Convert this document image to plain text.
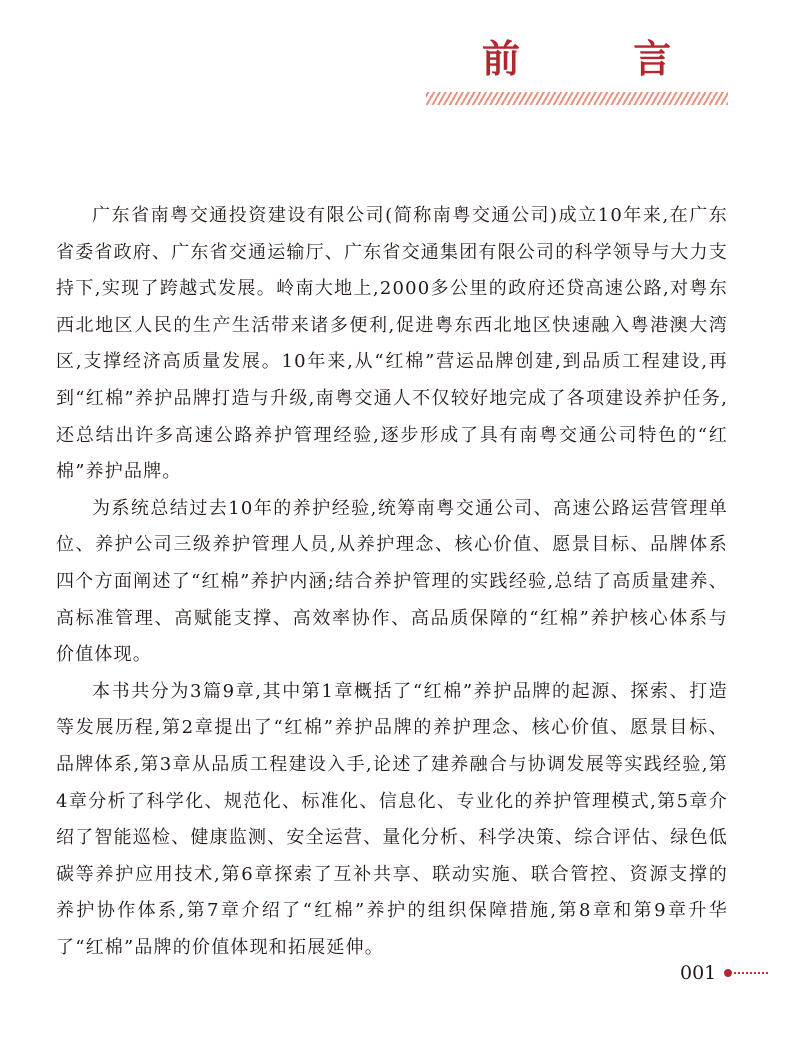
前 言

广东省南粤交通投资建设有限公司(简称南粤交通公司)成立10年来,在广东省委省政府、广东省交通运输厅、广东省交通集团有限公司的科学领导与大力支持下,实现了跨越式发展。岭南大地上,2000多公里的政府还贷高速公路,对粤东西北地区人民的生产生活带来诸多便利,促进粤东西北地区快速融入粤港澳大湾区,支撑经济高质量发展。10年来,从“红棉”营运品牌创建,到品质工程建设,再到“红棉”养护品牌打造与升级,南粤交通人不仅较好地完成了各项建设养护任务,还总结出许多高速公路养护管理经验,逐步形成了具有南粤交通公司特色的“红棉”养护品牌。

为系统总结过去10年的养护经验,统筹南粤交通公司、高速公路运营管理单位、养护公司三级养护管理人员,从养护理念、核心价值、愿景目标、品牌体系四个方面阐述了“红棉”养护内涵;结合养护管理的实践经验,总结了高质量建养、高标准管理、高赋能支撑、高效率协作、高品质保障的“红棉”养护核心体系与价值体现。

本书共分为3篇9章,其中第1章概括了“红棉”养护品牌的起源、探索、打造等发展历程,第2章提出了“红棉”养护品牌的养护理念、核心价值、愿景目标、品牌体系,第3章从品质工程建设入手,论述了建养融合与协调发展等实践经验,第4章分析了科学化、规范化、标准化、信息化、专业化的养护管理模式,第5章介绍了智能巡检、健康监测、安全运营、量化分析、科学决策、综合评估、绿色低碳等养护应用技术,第6章探索了互补共享、联动实施、联合管控、资源支撑的养护协作体系,第7章介绍了“红棉”养护的组织保障措施,第8章和第9章升华了“红棉”品牌的价值体现和拓展延伸。

001
